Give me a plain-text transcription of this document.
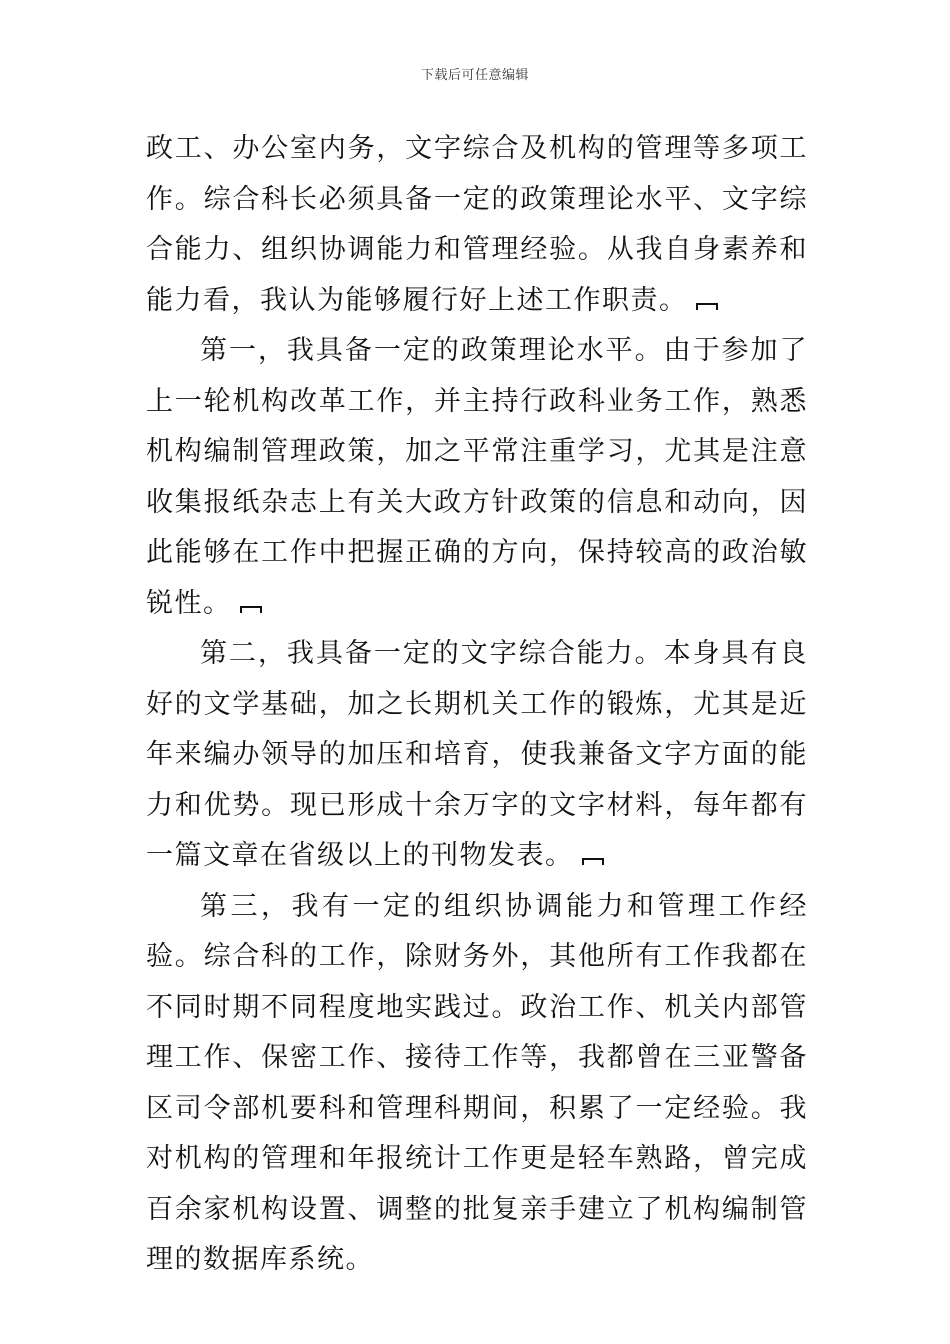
下载后可任意编辑

政工、办公室内务，文字综合及机构的管理等多项工作。综合科长必须具备一定的政策理论水平、文字综合能力、组织协调能力和管理经验。从我自身素养和能力看，我认为能够履行好上述工作职责。

第一，我具备一定的政策理论水平。由于参加了上一轮机构改革工作，并主持行政科业务工作，熟悉机构编制管理政策，加之平常注重学习，尤其是注意收集报纸杂志上有关大政方针政策的信息和动向，因此能够在工作中把握正确的方向，保持较高的政治敏锐性。

第二，我具备一定的文字综合能力。本身具有良好的文学基础，加之长期机关工作的锻炼，尤其是近年来编办领导的加压和培育，使我兼备文字方面的能力和优势。现已形成十余万字的文字材料，每年都有一篇文章在省级以上的刊物发表。

第三，我有一定的组织协调能力和管理工作经验。综合科的工作，除财务外，其他所有工作我都在不同时期不同程度地实践过。政治工作、机关内部管理工作、保密工作、接待工作等，我都曾在三亚警备区司令部机要科和管理科期间，积累了一定经验。我对机构的管理和年报统计工作更是轻车熟路，曾完成百余家机构设置、调整的批复亲手建立了机构编制管理的数据库系统。
